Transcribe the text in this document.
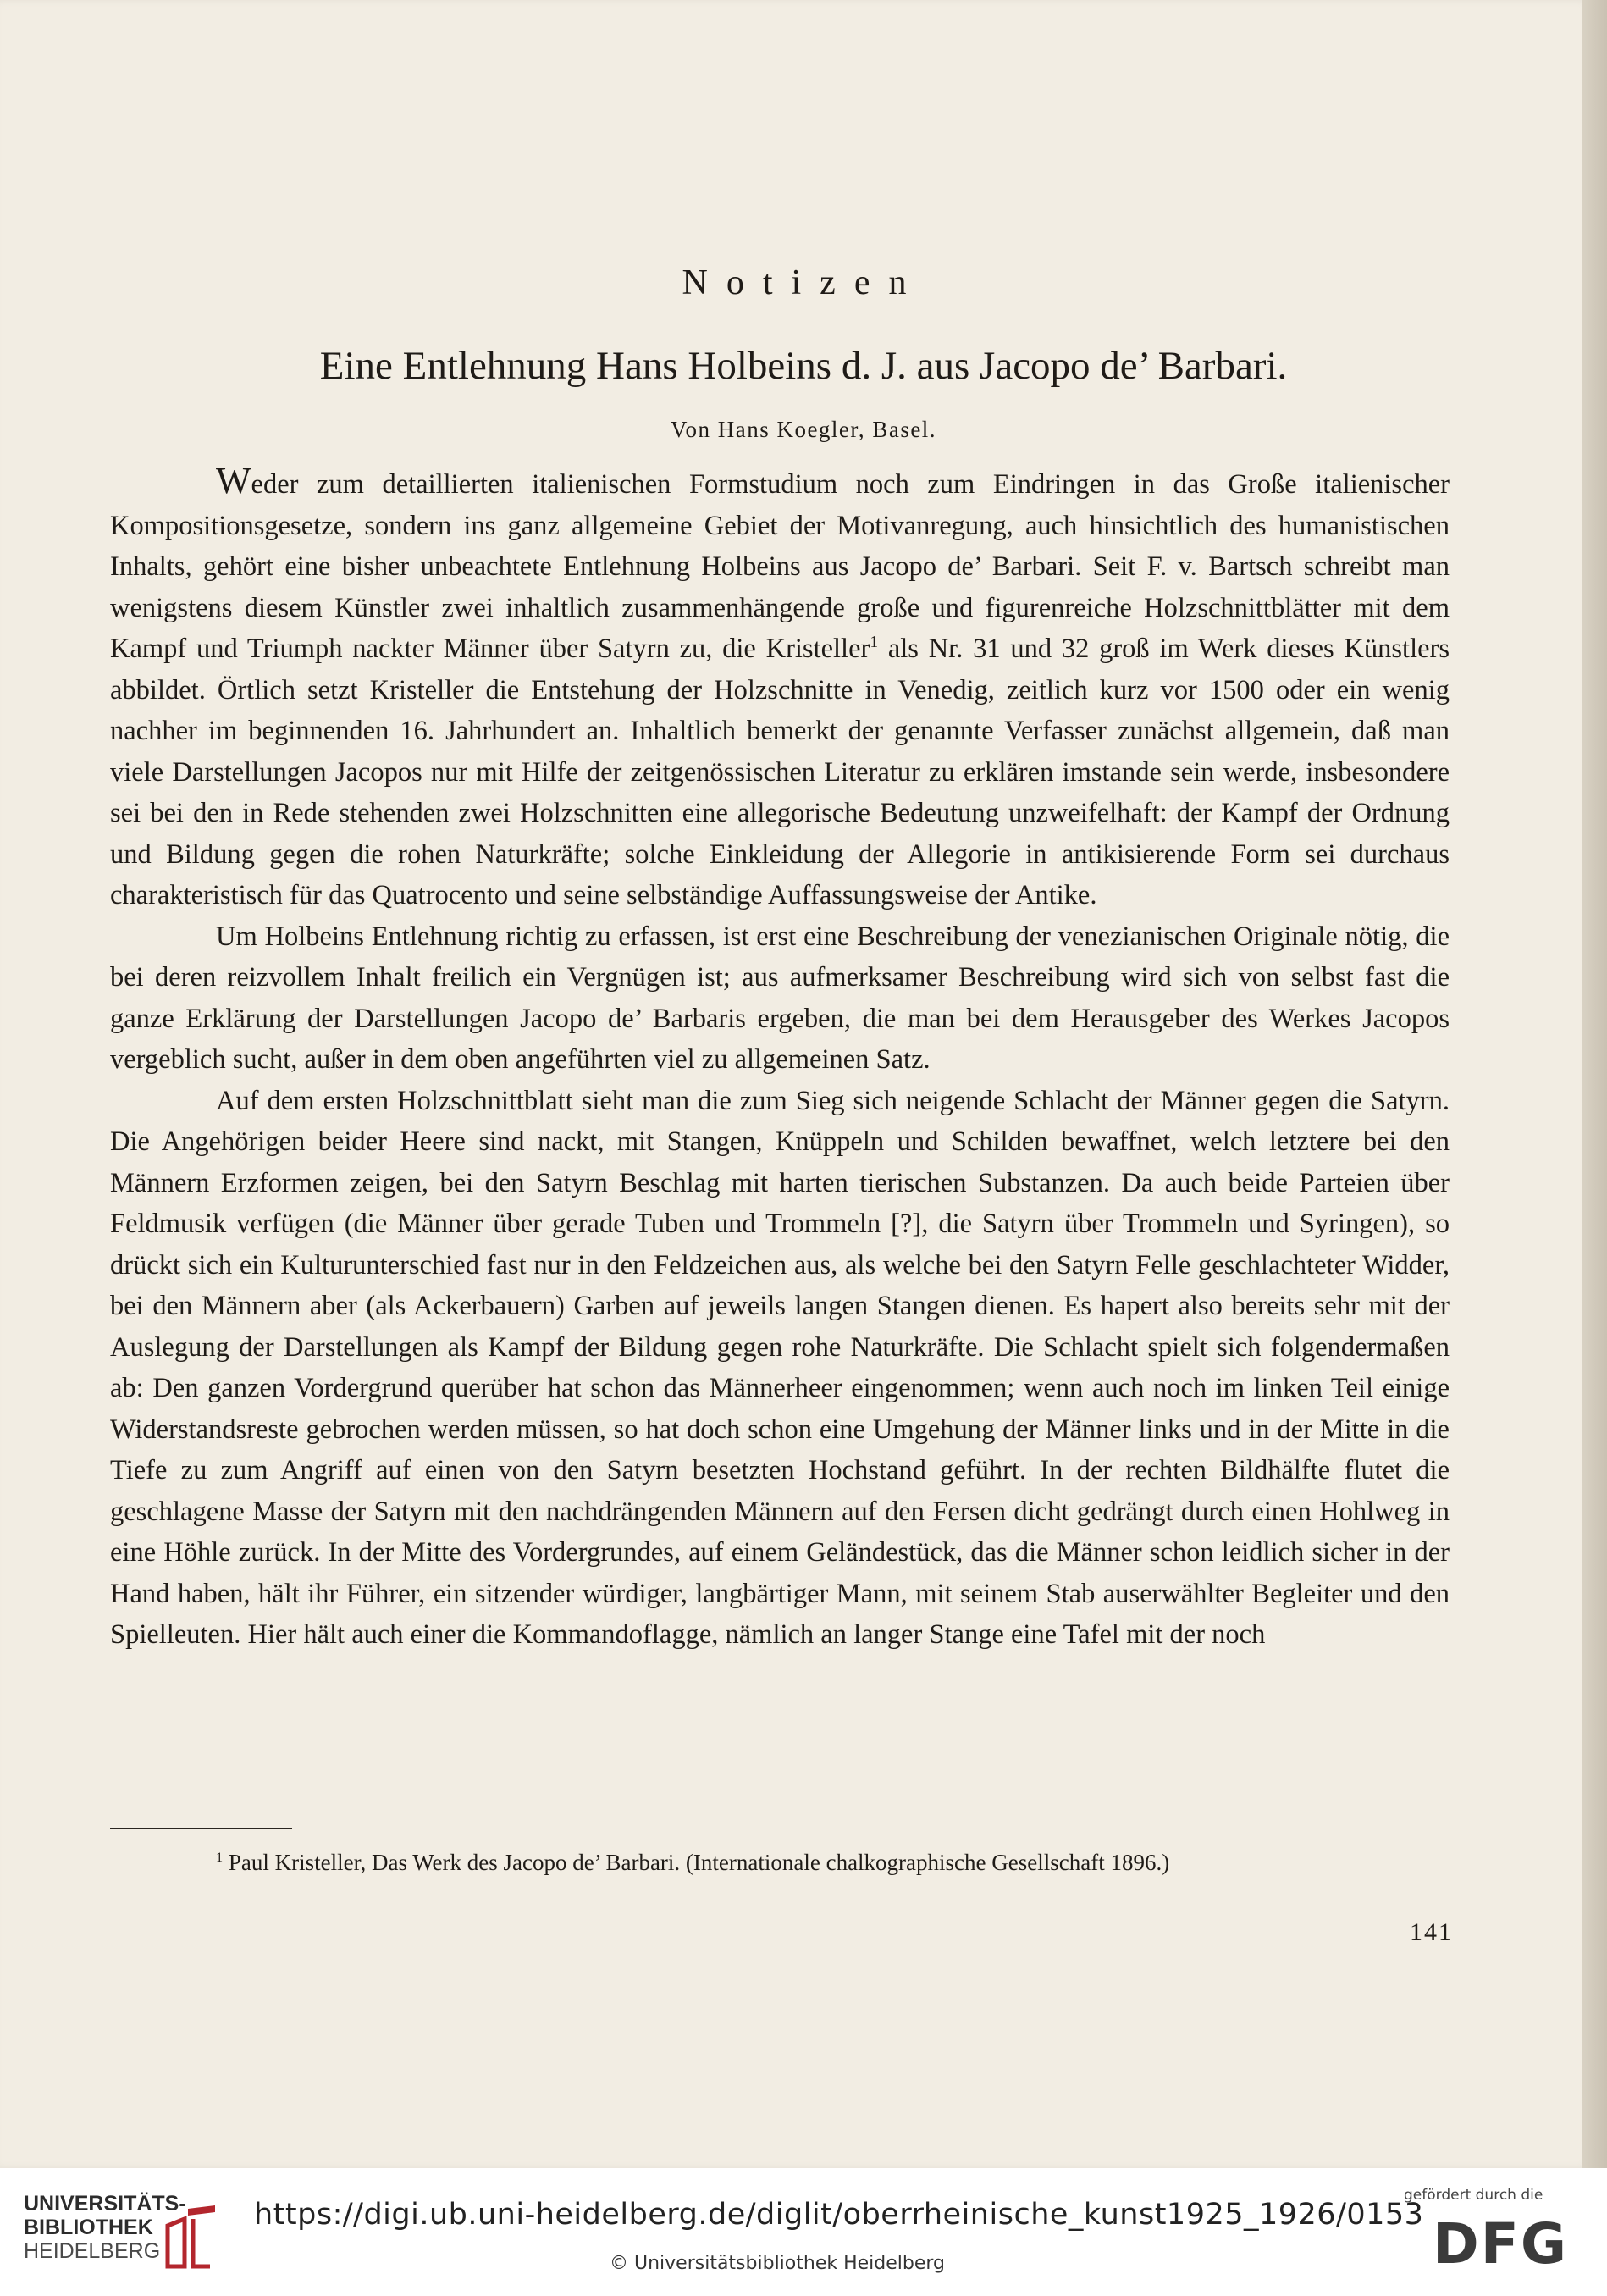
Notizen
Eine Entlehnung Hans Holbeins d. J. aus Jacopo de’ Barbari.
Von Hans Koegler, Basel.

Weder zum detaillierten italienischen Formstudium noch zum Eindringen in das Große italienischer Kompositionsgesetze, sondern ins ganz allgemeine Gebiet der Motivanregung, auch hinsichtlich des humanistischen Inhalts, gehört eine bisher unbeachtete Entlehnung Holbeins aus Jacopo de’ Barbari. Seit F. v. Bartsch schreibt man wenigstens diesem Künstler zwei inhaltlich zusammenhängende große und figurenreiche Holzschnittblätter mit dem Kampf und Triumph nackter Männer über Satyrn zu, die Kristeller$^1$ als Nr. 31 und 32 groß im Werk dieses Künstlers abbildet. Örtlich setzt Kristeller die Entstehung der Holzschnitte in Venedig, zeitlich kurz vor 1500 oder ein wenig nachher im beginnenden 16. Jahrhundert an. Inhaltlich bemerkt der genannte Verfasser zunächst allgemein, daß man viele Darstellungen Jacopos nur mit Hilfe der zeitgenössischen Literatur zu erklären imstande sein werde, insbesondere sei bei den in Rede stehenden zwei Holzschnitten eine allegorische Bedeutung unzweifelhaft: der Kampf der Ordnung und Bildung gegen die rohen Naturkräfte; solche Einkleidung der Allegorie in antikisierende Form sei durchaus charakteristisch für das Quatrocento und seine selbständige Auffassungsweise der Antike.

Um Holbeins Entlehnung richtig zu erfassen, ist erst eine Beschreibung der venezianischen Originale nötig, die bei deren reizvollem Inhalt freilich ein Vergnügen ist; aus aufmerksamer Beschreibung wird sich von selbst fast die ganze Erklärung der Darstellungen Jacopo de’ Barbaris ergeben, die man bei dem Herausgeber des Werkes Jacopos vergeblich sucht, außer in dem oben angeführten viel zu allgemeinen Satz.

Auf dem ersten Holzschnittblatt sieht man die zum Sieg sich neigende Schlacht der Männer gegen die Satyrn. Die Angehörigen beider Heere sind nackt, mit Stangen, Knüppeln und Schilden bewaffnet, welch letztere bei den Männern Erzformen zeigen, bei den Satyrn Beschlag mit harten tierischen Substanzen. Da auch beide Parteien über Feldmusik verfügen (die Männer über gerade Tuben und Trommeln [?], die Satyrn über Trommeln und Syringen), so drückt sich ein Kulturunterschied fast nur in den Feldzeichen aus, als welche bei den Satyrn Felle geschlachteter Widder, bei den Männern aber (als Ackerbauern) Garben auf jeweils langen Stangen dienen. Es hapert also bereits sehr mit der Auslegung der Darstellungen als Kampf der Bildung gegen rohe Naturkräfte. Die Schlacht spielt sich folgendermaßen ab: Den ganzen Vordergrund querüber hat schon das Männerheer eingenommen; wenn auch noch im linken Teil einige Widerstandsreste gebrochen werden müssen, so hat doch schon eine Umgehung der Männer links und in der Mitte in die Tiefe zu zum Angriff auf einen von den Satyrn besetzten Hochstand geführt. In der rechten Bildhälfte flutet die geschlagene Masse der Satyrn mit den nachdrängenden Männern auf den Fersen dicht gedrängt durch einen Hohlweg in eine Höhle zurück. In der Mitte des Vordergrundes, auf einem Geländestück, das die Männer schon leidlich sicher in der Hand haben, hält ihr Führer, ein sitzender würdiger, langbärtiger Mann, mit seinem Stab auserwählter Begleiter und den Spielleuten. Hier hält auch einer die Kommandoflagge, nämlich an langer Stange eine Tafel mit der noch

$^1$ Paul Kristeller, Das Werk des Jacopo de’ Barbari. (Internationale chalkographische Gesellschaft 1896.)
141
UNIVERSITÄTS-
BIBLIOTHEK
HEIDELBERG
https://digi.ub.uni-heidelberg.de/diglit/oberrheinische_kunst1925_1926/0153
© Universitätsbibliothek Heidelberg
gefördert durch die
DFG
